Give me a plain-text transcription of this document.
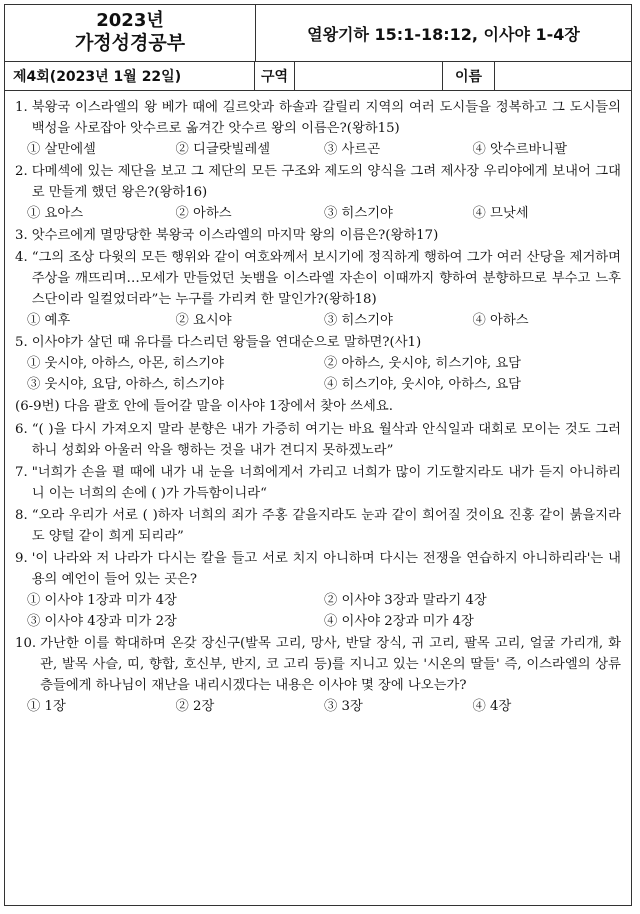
2023년
가정성경공부	열왕기하 15:1-18:12, 이사야 1-4장
제4회(2023년 1월 22일)	구역	이름
1. 북왕국 이스라엘의 왕 베가 때에 길르앗과 하솔과 갈릴리 지역의 여러 도시들을 정복하고 그 도시들의 백성을 사로잡아 앗수르로 옮겨간 앗수르 왕의 이름은?(왕하15)
① 살만에셀	② 디글랏빌레셀	③ 사르곤	④ 앗수르바니팔
2. 다메섹에 있는 제단을 보고 그 제단의 모든 구조와 제도의 양식을 그려 제사장 우리야에게 보내어 그대로 만들게 했던 왕은?(왕하16)
① 요아스	② 아하스	③ 히스기야	④ 므낫세
3. 앗수르에게 멸망당한 북왕국 이스라엘의 마지막 왕의 이름은?(왕하17)
4. “그의 조상 다윗의 모든 행위와 같이 여호와께서 보시기에 정직하게 행하여 그가 여러 산당을 제거하며 주상을 깨뜨리며…모세가 만들었던 놋뱀을 이스라엘 자손이 이때까지 향하여 분향하므로 부수고 느후스단이라 일컬었더라”는 누구를 가리켜 한 말인가?(왕하18)
① 예후	② 요시야	③ 히스기야	④ 아하스
5. 이사야가 살던 때 유다를 다스리던 왕들을 연대순으로 말하면?(사1)
① 웃시야, 아하스, 아몬, 히스기야	② 아하스, 웃시야, 히스기야, 요담
③ 웃시야, 요담, 아하스, 히스기야	④ 히스기야, 웃시야, 아하스, 요담
(6-9번) 다음 괄호 안에 들어갈 말을 이사야 1장에서 찾아 쓰세요.
6. “( )을 다시 가져오지 말라 분향은 내가 가증히 여기는 바요 월삭과 안식일과 대회로 모이는 것도 그러하니 성회와 아울러 악을 행하는 것을 내가 견디지 못하겠노라”
7. "너희가 손을 펼 때에 내가 내 눈을 너희에게서 가리고 너희가 많이 기도할지라도 내가 듣지 아니하리니 이는 너희의 손에 ( )가 가득함이니라“
8. “오라 우리가 서로 ( )하자 너희의 죄가 주홍 같을지라도 눈과 같이 희어질 것이요 진홍 같이 붉을지라도 양털 같이 희게 되리라”
9. '이 나라와 저 나라가 다시는 칼을 들고 서로 치지 아니하며 다시는 전쟁을 연습하지 아니하리라'는 내용의 예언이 들어 있는 곳은?
① 이사야 1장과 미가 4장	② 이사야 3장과 말라기 4장
③ 이사야 4장과 미가 2장	④ 이사야 2장과 미가 4장
10. 가난한 이를 학대하며 온갖 장신구(발목 고리, 망사, 반달 장식, 귀 고리, 팔목 고리, 얼굴 가리개, 화관, 발목 사슬, 띠, 향합, 호신부, 반지, 코 고리 등)를 지니고 있는 '시온의 딸들' 즉, 이스라엘의 상류층들에게 하나님이 재난을 내리시겠다는 내용은 이사야 몇 장에 나오는가?
① 1장	② 2장	③ 3장	④ 4장
